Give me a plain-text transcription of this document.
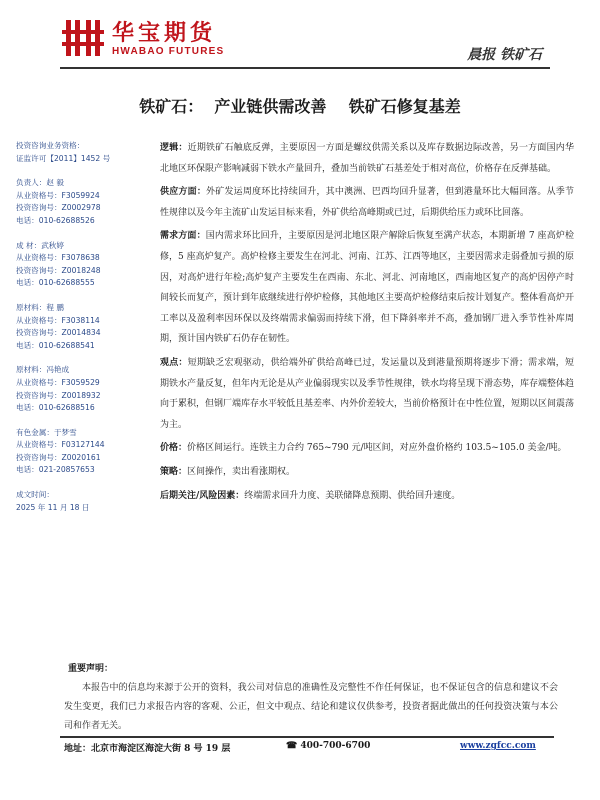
华宝期货
HWABAO FUTURES	晨报 铁矿石
铁矿石：  产业链供需改善    铁矿石修复基差
投资咨询业务资格：
证监许可【2011】1452 号
负责人：赵 毅
从业资格号：F3059924
投资咨询号：Z0002978
电话：010-62688526
成 材：武秋婷
从业资格号：F3078638
投资咨询号：Z0018248
电话：010-62688555
原材料：程 鹏
从业资格号：F3038114
投资咨询号：Z0014834
电话：010-62688541
原材料：冯艳成
从业资格号：F3059529
投资咨询号：Z0018932
电话：010-62688516
有色金属：于梦雪
从业资格号：F03127144
投资咨询号：Z0020161
电话：021-20857653
成文时间：
2025 年 11 月 18 日

逻辑：近期铁矿石触底反弹，主要原因一方面是螺纹供需关系以及库存数据边际改善，另一方面国内华北地区环保限产影响减弱下铁水产量回升，叠加当前铁矿石基差处于相对高位，价格存在反弹基础。

供应方面：外矿发运周度环比持续回升，其中澳洲、巴西均回升显著，但到港量环比大幅回落。从季节性规律以及今年主流矿山发运目标来看，外矿供给高峰期或已过，后期供给压力或环比回落。

需求方面：国内需求环比回升，主要原因是河北地区限产解除后恢复至满产状态，本期新增 7 座高炉检修，5 座高炉复产。高炉检修主要发生在河北、河南、江苏、江西等地区，主要因需求走弱叠加亏损的原因，对高炉进行年检;高炉复产主要发生在西南、东北、河北、河南地区，西南地区复产的高炉因停产时间较长而复产，预计到年底继续进行停炉检修，其他地区主要高炉检修结束后按计划复产。整体看高炉开工率以及盈利率因环保以及终端需求偏弱而持续下滑，但下降斜率并不高，叠加钢厂进入季节性补库周期，预计国内铁矿石仍存在韧性。

观点：短期缺乏宏观驱动，供给端外矿供给高峰已过，发运量以及到港量预期将逐步下滑；需求端，短期铁水产量反复，但年内无论是从产业偏弱现实以及季节性规律，铁水均将呈现下滑态势，库存端整体趋向于累积，但钢厂端库存水平较低且基差率、内外价差较大，当前价格预计在中性位置，短期以区间震荡为主。

价格：价格区间运行。连铁主力合约 765~790 元/吨区间，对应外盘价格约 103.5~105.0 美金/吨。

策略：区间操作，卖出看涨期权。

后期关注/风险因素：终端需求回升力度、美联储降息预期、供给回升速度。

重要声明：

本报告中的信息均来源于公开的资料，我公司对信息的准确性及完整性不作任何保证，也不保证包含的信息和建议不会发生变更，我们已力求报告内容的客观、公正，但文中观点、结论和建议仅供参考，投资者据此做出的任何投资决策与本公司和作者无关。

地址：北京市海淀区海淀大街 8 号 19 层	☎ 400-700-6700	www.zgfcc.com
